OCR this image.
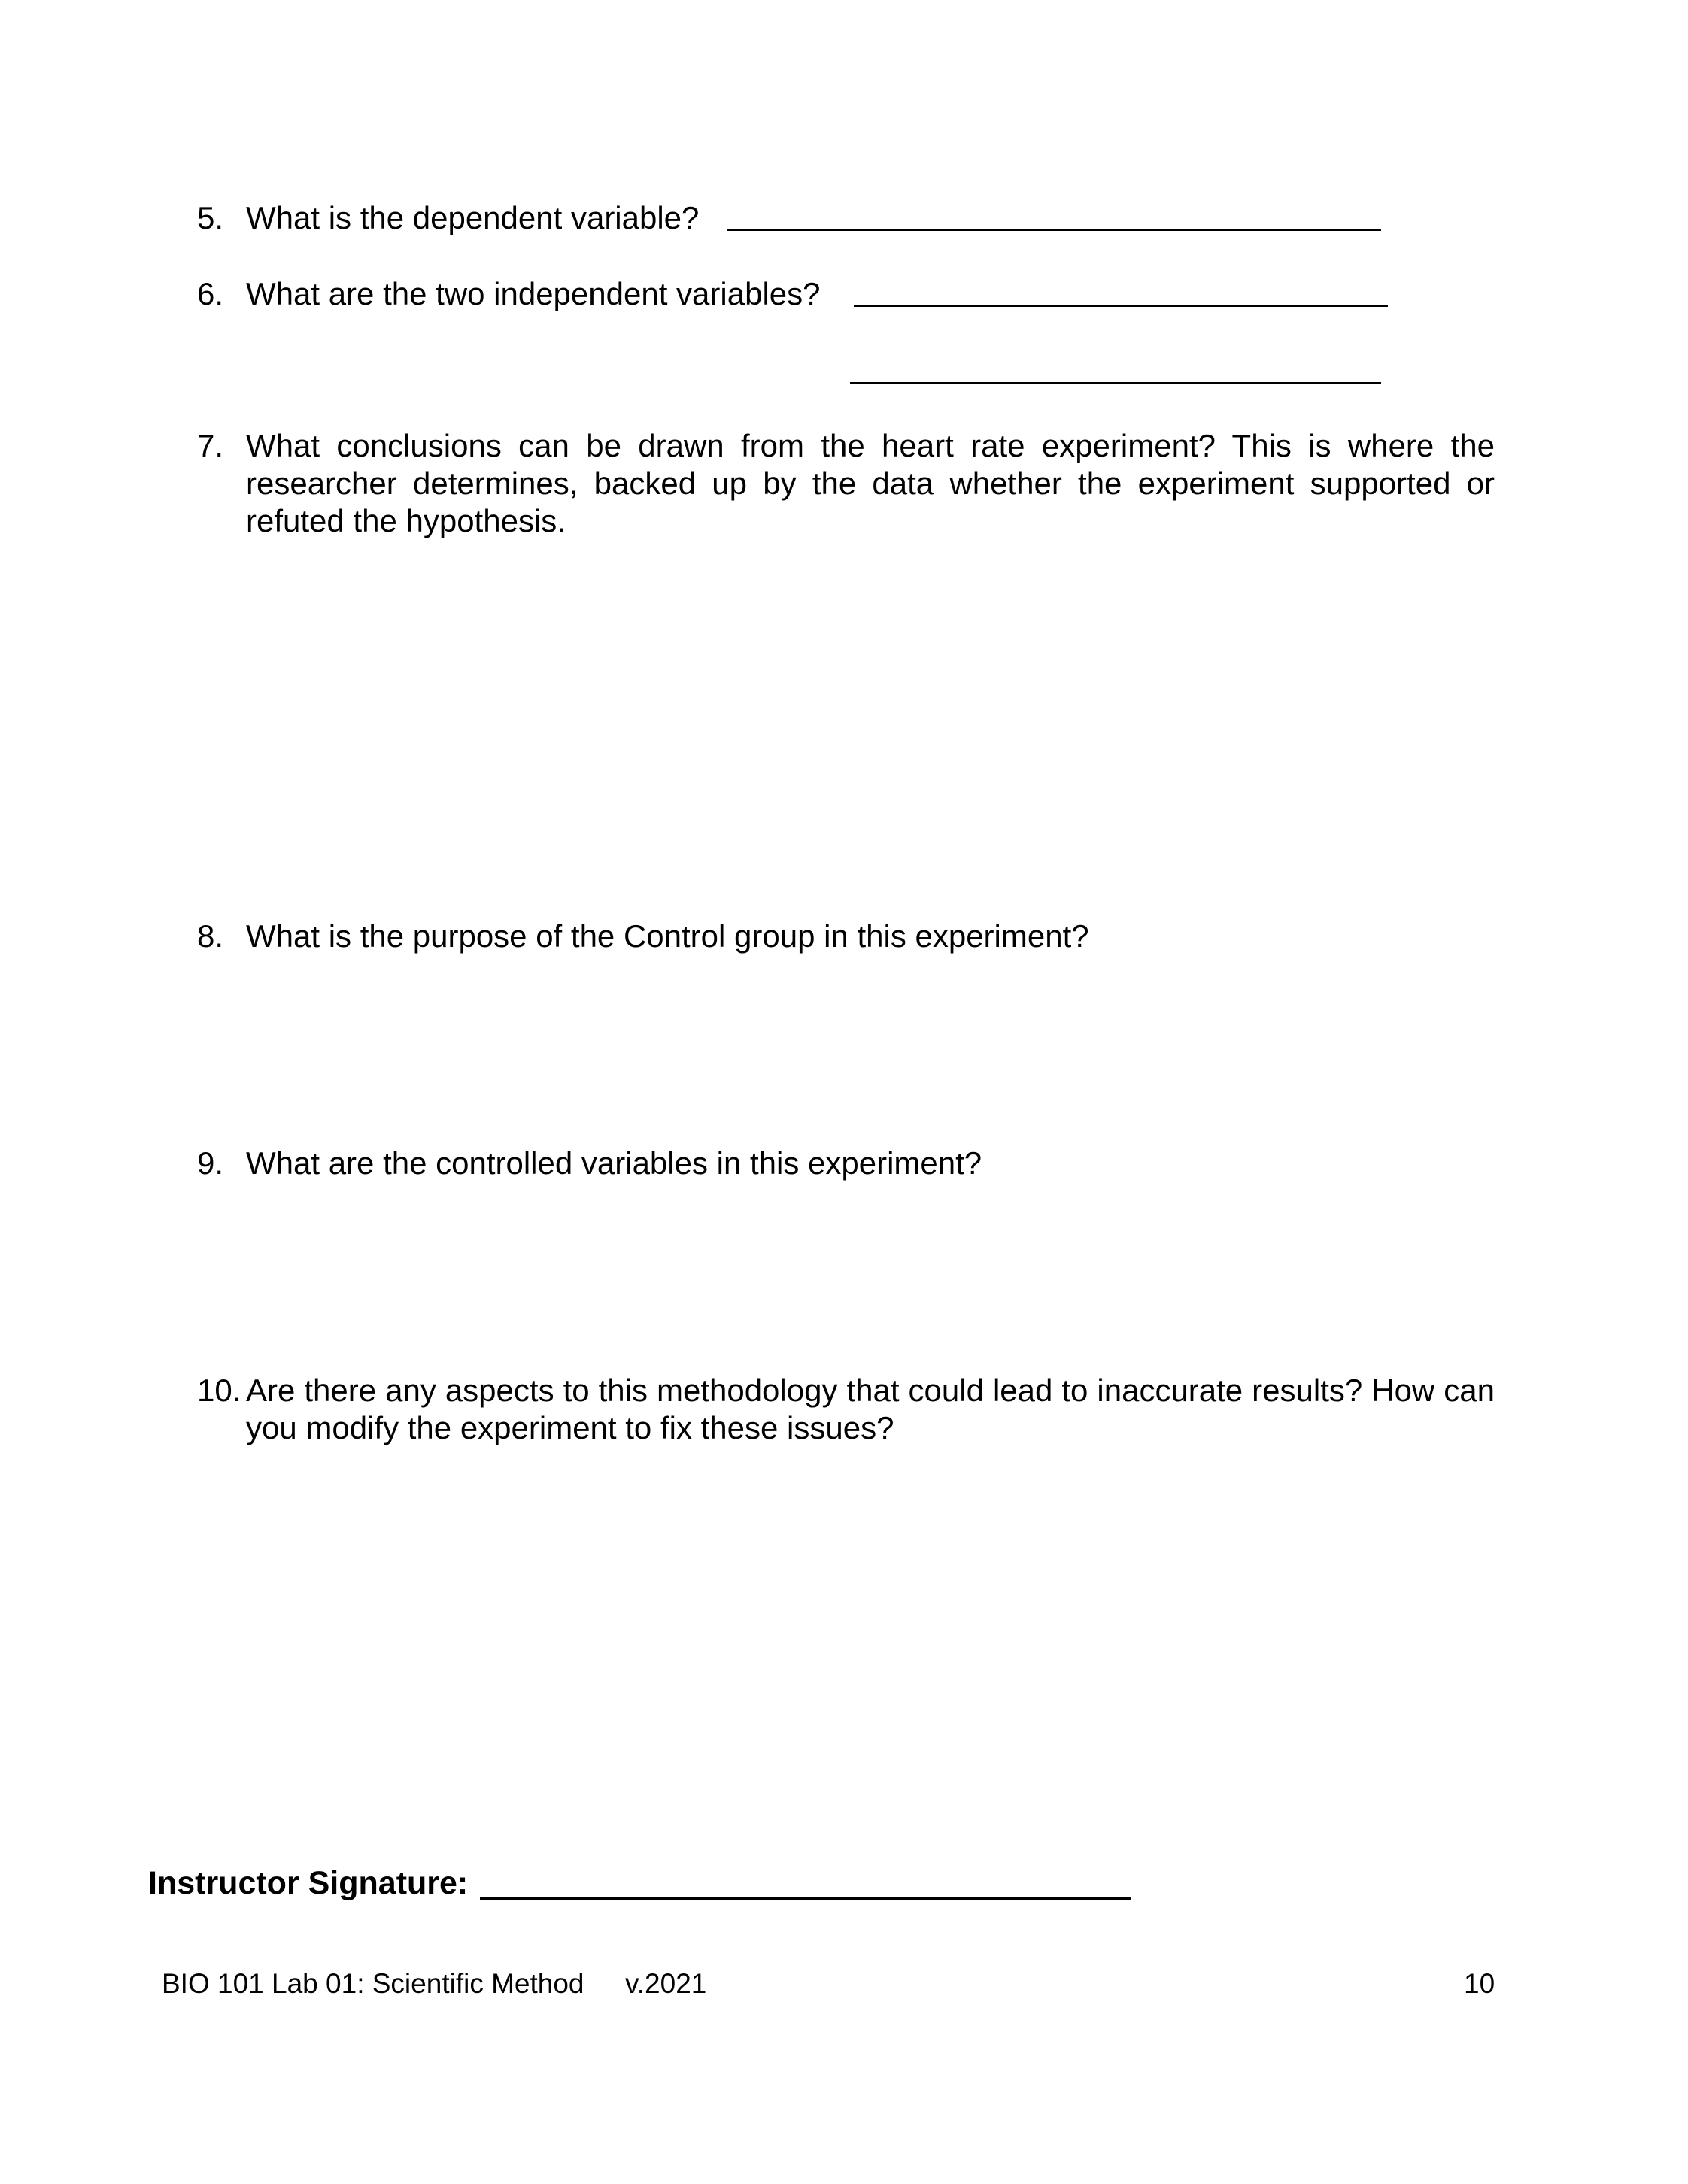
5. What is the dependent variable?
6. What are the two independent variables?
7. What conclusions can be drawn from the heart rate experiment? This is where the researcher determines, backed up by the data whether the experiment supported or refuted the hypothesis.
8. What is the purpose of the Control group in this experiment?
9. What are the controlled variables in this experiment?
10. Are there any aspects to this methodology that could lead to inaccurate results? How can you modify the experiment to fix these issues?
Instructor Signature:
BIO 101 Lab 01: Scientific Method v.2021	10
